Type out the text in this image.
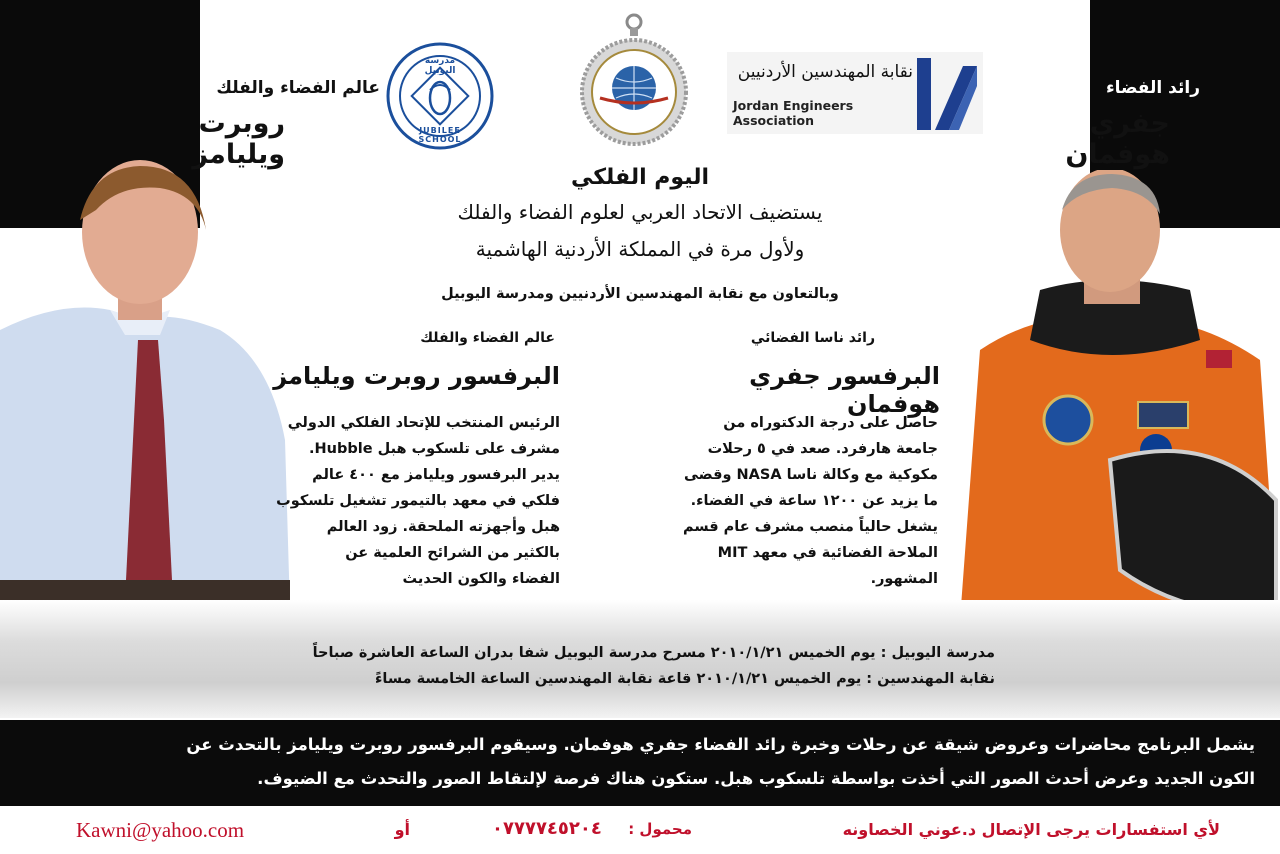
عالم الفضاء والفلك
روبرت ويليامز
رائد الفضاء
جفري هوفمان
مدرسة اليوبيل
JUBILEE SCHOOL
نقابة المهندسين الأردنيين
Jordan Engineers Association
اليوم الفلكي
يستضيف الاتحاد العربي لعلوم الفضاء والفلك
ولأول مرة في المملكة الأردنية الهاشمية
وبالتعاون مع نقابة المهندسين الأردنيين ومدرسة اليوبيل
عالم الفضاء والفلك
البرفسور روبرت ويليامز
الرئيس المنتخب للإتحاد الفلكي الدولي
مشرف على تلسكوب هبل Hubble.
يدير البرفسور ويليامز مع ٤٠٠ عالم
فلكي في معهد بالتيمور تشغيل تلسكوب
هبل وأجهزته الملحقة. زود العالم
بالكثير من الشرائح العلمية عن
الفضاء والكون الحديث
رائد ناسا الفضائي
البرفسور جفري هوفمان
حاصل على درجة الدكتوراه من
جامعة هارفرد. صعد في ٥ رحلات
مكوكية مع وكالة ناسا NASA وقضى
ما يزيد عن ١٢٠٠ ساعة في الفضاء.
يشغل حالياً منصب مشرف عام قسم
الملاحة الفضائية في معهد MIT المشهور.
مدرسة اليوبيل : يوم الخميس ٢٠١٠/١/٢١ مسرح مدرسة اليوبيل شفا بدران الساعة العاشرة صباحاً
نقابة المهندسين : يوم الخميس ٢٠١٠/١/٢١ قاعة نقابة المهندسين الساعة الخامسة مساءً
يشمل البرنامج محاضرات وعروض شيقة عن رحلات وخبرة رائد الفضاء جفري هوفمان. وسيقوم البرفسور روبرت ويليامز بالتحدث عن
الكون الجديد وعرض أحدث الصور التي أخذت بواسطة تلسكوب هبل. ستكون هناك فرصة لإلتقاط الصور والتحدث مع الضيوف.
لأي استفسارات يرجى الإتصال د.عوني الخصاونه
محمول :
٠٧٧٧٧٤٥٢٠٤
أو
Kawni@yahoo.com
